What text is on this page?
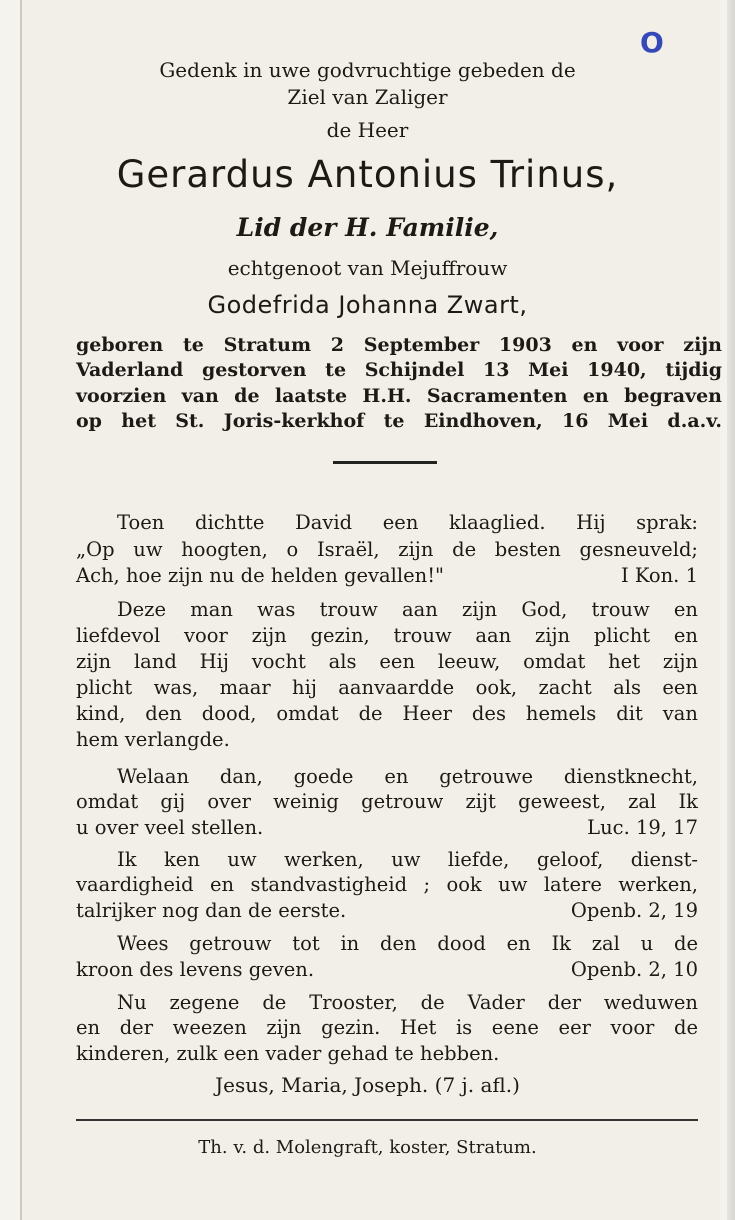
O
Gedenk in uwe godvruchtige gebeden de
Ziel van Zaliger
de Heer
Gerardus Antonius Trinus,
Lid der H. Familie,
echtgenoot van Mejuffrouw
Godefrida Johanna Zwart,
geboren te Stratum 2 September 1903 en voor zijn
Vaderland gestorven te Schijndel 13 Mei 1940, tijdig
voorzien van de laatste H.H. Sacramenten en begraven
op het St. Joris-kerkhof te Eindhoven, 16 Mei d.a.v.
Toen dichtte David een klaaglied. Hij sprak:
„Op uw hoogten, o Israël, zijn de besten gesneuveld;
Ach, hoe zijn nu de helden gevallen!"	I Kon. 1
Deze man was trouw aan zijn God, trouw en
liefdevol voor zijn gezin, trouw aan zijn plicht en
zijn land Hij vocht als een leeuw, omdat het zijn
plicht was, maar hij aanvaardde ook, zacht als een
kind, den dood, omdat de Heer des hemels dit van
hem verlangde.
Welaan dan, goede en getrouwe dienstknecht,
omdat gij over weinig getrouw zijt geweest, zal Ik
u over veel stellen.	Luc. 19, 17
Ik ken uw werken, uw liefde, geloof, dienst-
vaardigheid en standvastigheid ; ook uw latere werken,
talrijker nog dan de eerste.	Openb. 2, 19
Wees getrouw tot in den dood en Ik zal u de
kroon des levens geven.	Openb. 2, 10
Nu zegene de Trooster, de Vader der weduwen
en der weezen zijn gezin. Het is eene eer voor de
kinderen, zulk een vader gehad te hebben.
Jesus, Maria, Joseph. (7 j. afl.)
Th. v. d. Molengraft, koster, Stratum.
